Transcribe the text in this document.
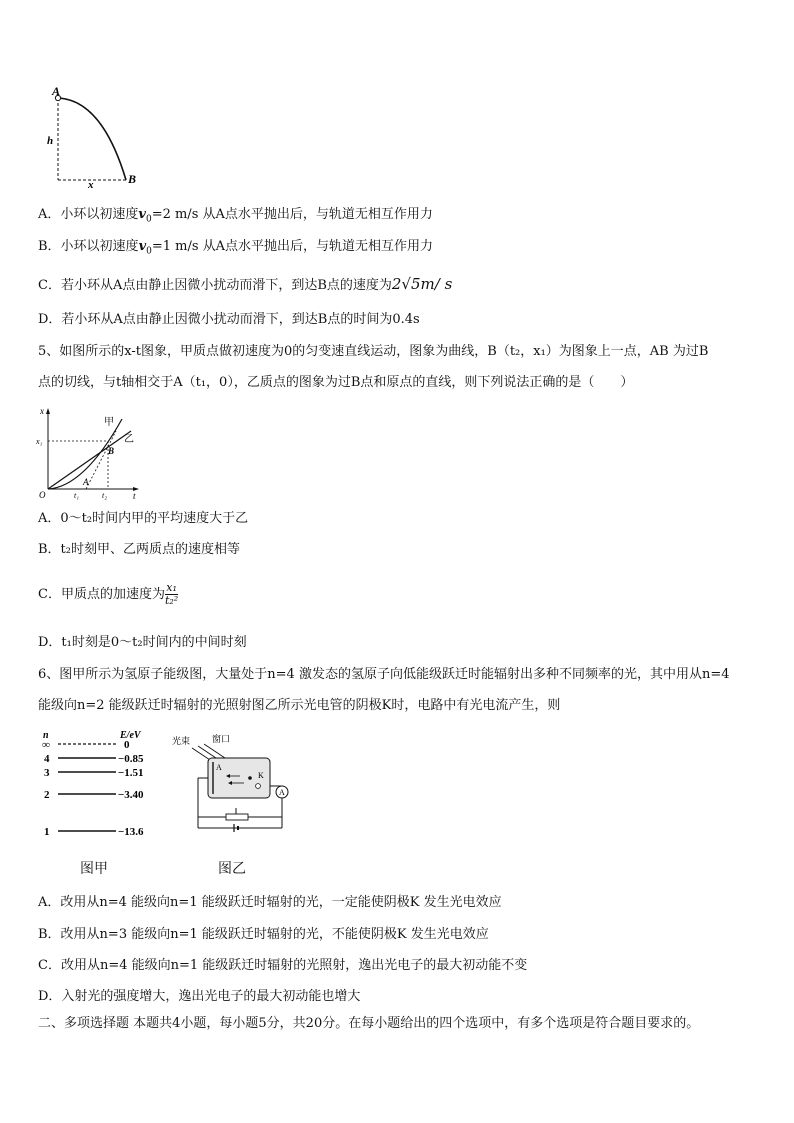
A
B
h
x
A．小环以初速度$v_0=2$ m/s 从A点水平抛出后，与轨道无相互作用力
B．小环以初速度$v_0=1$ m/s 从A点水平抛出后，与轨道无相互作用力
C．若小环从A点由静止因微小扰动而滑下，到达B点的速度为2√5m/ s
D．若小环从A点由静止因微小扰动而滑下，到达B点的时间为0.4s
5、如图所示的x-t图象，甲质点做初速度为0的匀变速直线运动，图象为曲线，B（t₂，x₁）为图象上一点，AB 为过B
点的切线，与t轴相交于A（t₁，0），乙质点的图象为过B点和原点的直线，则下列说法正确的是（　　）
x
t
O
x₁
t₁	t₂
A
B
甲
乙
A．0～t₂时间内甲的平均速度大于乙
B．t₂时刻甲、乙两质点的速度相等
C．甲质点的加速度为 $\frac{\text{x₁}}{\text{t₂²}}$
D．t₁时刻是0～t₂时间内的中间时刻
6、图甲所示为氢原子能级图，大量处于n=4 激发态的氢原子向低能级跃迁时能辐射出多种不同频率的光，其中用从n=4
能级向n=2 能级跃迁时辐射的光照射图乙所示光电管的阴极K时，电路中有光电流产生，则
n	E/eV
∞	0
4	−0.85
3	−1.51
2	−3.40
1	−13.6
光束 窗口
A
K
A
图甲	图乙
A．改用从n=4 能级向n=1 能级跃迁时辐射的光，一定能使阴极K 发生光电效应
B．改用从n=3 能级向n=1 能级跃迁时辐射的光，不能使阴极K 发生光电效应
C．改用从n=4 能级向n=1 能级跃迁时辐射的光照射，逸出光电子的最大初动能不变
D．入射光的强度增大，逸出光电子的最大初动能也增大
二、多项选择题 本题共4小题，每小题5分，共20分。在每小题给出的四个选项中，有多个选项是符合题目要求的。
